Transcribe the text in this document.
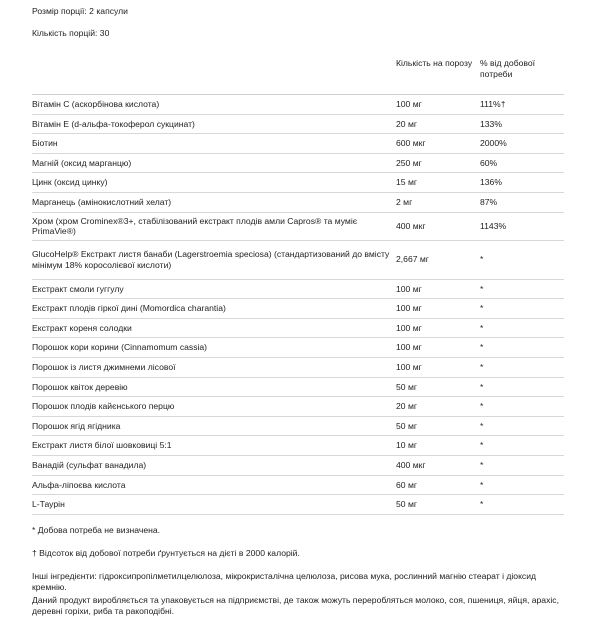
Розмір порції: 2 капсули
Кількість порцій: 30
	Кількість на порозу	% від добової потреби
Вітамін C (аскорбінова кислота)	100 мг	111%†
Вітамін E (d-альфа-токоферол сукцинат)	20 мг	133%
Біотин	600 мкг	2000%
Магній (оксид марганцю)	250 мг	60%
Цинк (оксид цинку)	15 мг	136%
Марганець (амінокислотний хелат)	2 мг	87%
Хром (хром Crominex®3+, стабілізований екстракт плодів амли Capros® та муміє PrimaVie®)	400 мкг	1143%
GlucoHelp® Екстракт листя банаби (Lagerstroemia speciosa) (стандартизований до вмісту мінімум 18% коросолієвої кислоти)	2,667 мг	*
Екстракт смоли гуггулу	100 мг	*
Екстракт плодів гіркої дині (Momordica charantia)	100 мг	*
Екстракт кореня солодки	100 мг	*
Порошок кори корини (Cinnamomum cassia)	100 мг	*
Порошок із листя джимнеми лісової	100 мг	*
Порошок квіток деревію	50 мг	*
Порошок плодів кайєнського перцю	20 мг	*
Порошок ягід ягідника	50 мг	*
Екстракт листя білої шовковиці 5:1	10 мг	*
Ванадій (сульфат ванадила)	400 мкг	*
Альфа-ліпоєва кислота	60 мг	*
L-Таурін	50 мг	*
* Добова потреба не визначена.
† Відсоток від добової потреби ґрунтується на дієті в 2000 калорій.
Інші інгредієнти: гідроксипропілметилцелюлоза, мікрокристалічна целюлоза, рисова мука, рослинний магнію стеарат і діоксид кремнію.
Даний продукт виробляється та упаковується на підприємстві, де також можуть переробляться молоко, соя, пшениця, яйця, арахіс, деревні горіхи, риба та ракоподібні.
